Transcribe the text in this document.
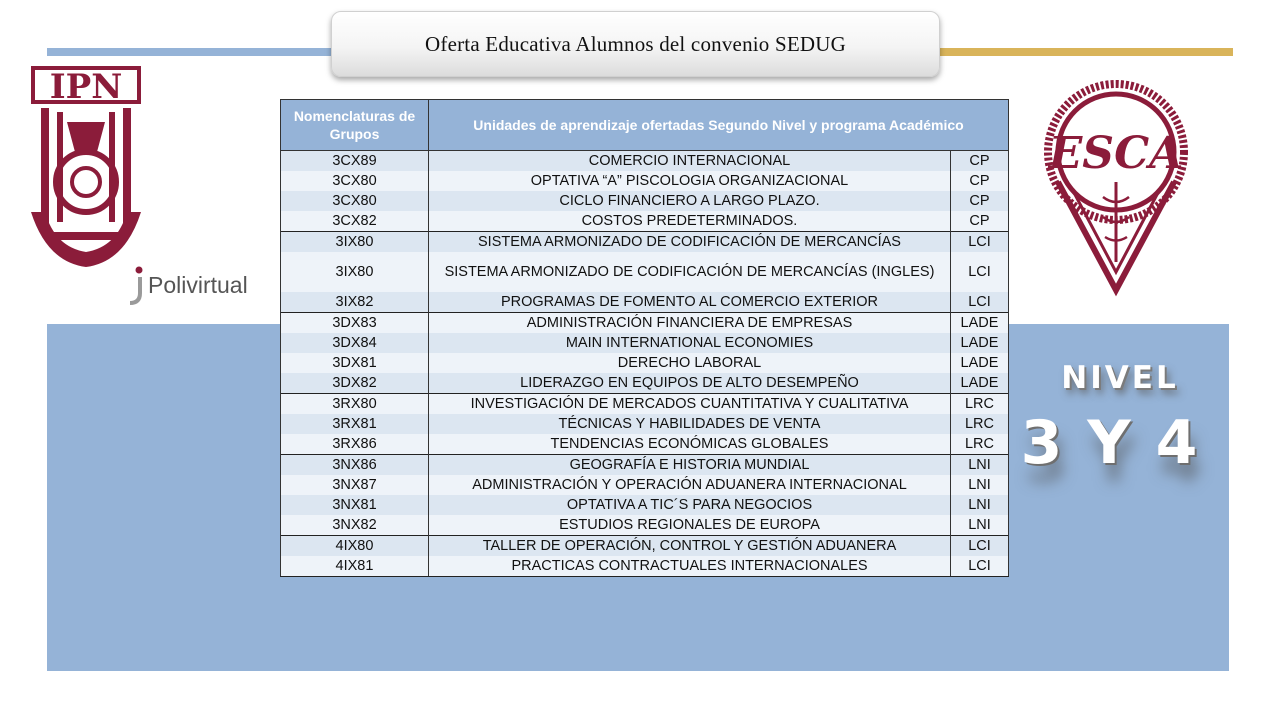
Oferta Educativa Alumnos del convenio SEDUG
IPN
Polivirtual
ESCA
NIVEL
3 Y 4
Nomenclaturas de Grupos	Unidades de aprendizaje ofertadas Segundo Nivel y programa Académico	
3CX89	COMERCIO INTERNACIONAL	CP
3CX80	OPTATIVA “A” PISCOLOGIA ORGANIZACIONAL	CP
3CX80	CICLO FINANCIERO A LARGO PLAZO.	CP
3CX82	COSTOS PREDETERMINADOS.	CP
3IX80	SISTEMA ARMONIZADO DE CODIFICACIÓN DE MERCANCÍAS	LCI
3IX80	SISTEMA ARMONIZADO DE CODIFICACIÓN DE MERCANCÍAS (INGLES)	LCI
3IX82	PROGRAMAS DE FOMENTO AL COMERCIO EXTERIOR	LCI
3DX83	ADMINISTRACIÓN FINANCIERA DE EMPRESAS	LADE
3DX84	MAIN INTERNATIONAL ECONOMIES	LADE
3DX81	DERECHO LABORAL	LADE
3DX82	LIDERAZGO EN EQUIPOS DE ALTO DESEMPEÑO	LADE
3RX80	INVESTIGACIÓN DE MERCADOS CUANTITATIVA Y CUALITATIVA	LRC
3RX81	TÉCNICAS Y HABILIDADES DE VENTA	LRC
3RX86	TENDENCIAS ECONÓMICAS GLOBALES	LRC
3NX86	GEOGRAFÍA E HISTORIA MUNDIAL	LNI
3NX87	ADMINISTRACIÓN Y OPERACIÓN ADUANERA INTERNACIONAL	LNI
3NX81	OPTATIVA A TIC´S PARA NEGOCIOS	LNI
3NX82	ESTUDIOS REGIONALES DE EUROPA	LNI
4IX80	TALLER DE OPERACIÓN, CONTROL Y GESTIÓN ADUANERA	LCI
4IX81	PRACTICAS CONTRACTUALES INTERNACIONALES	LCI
